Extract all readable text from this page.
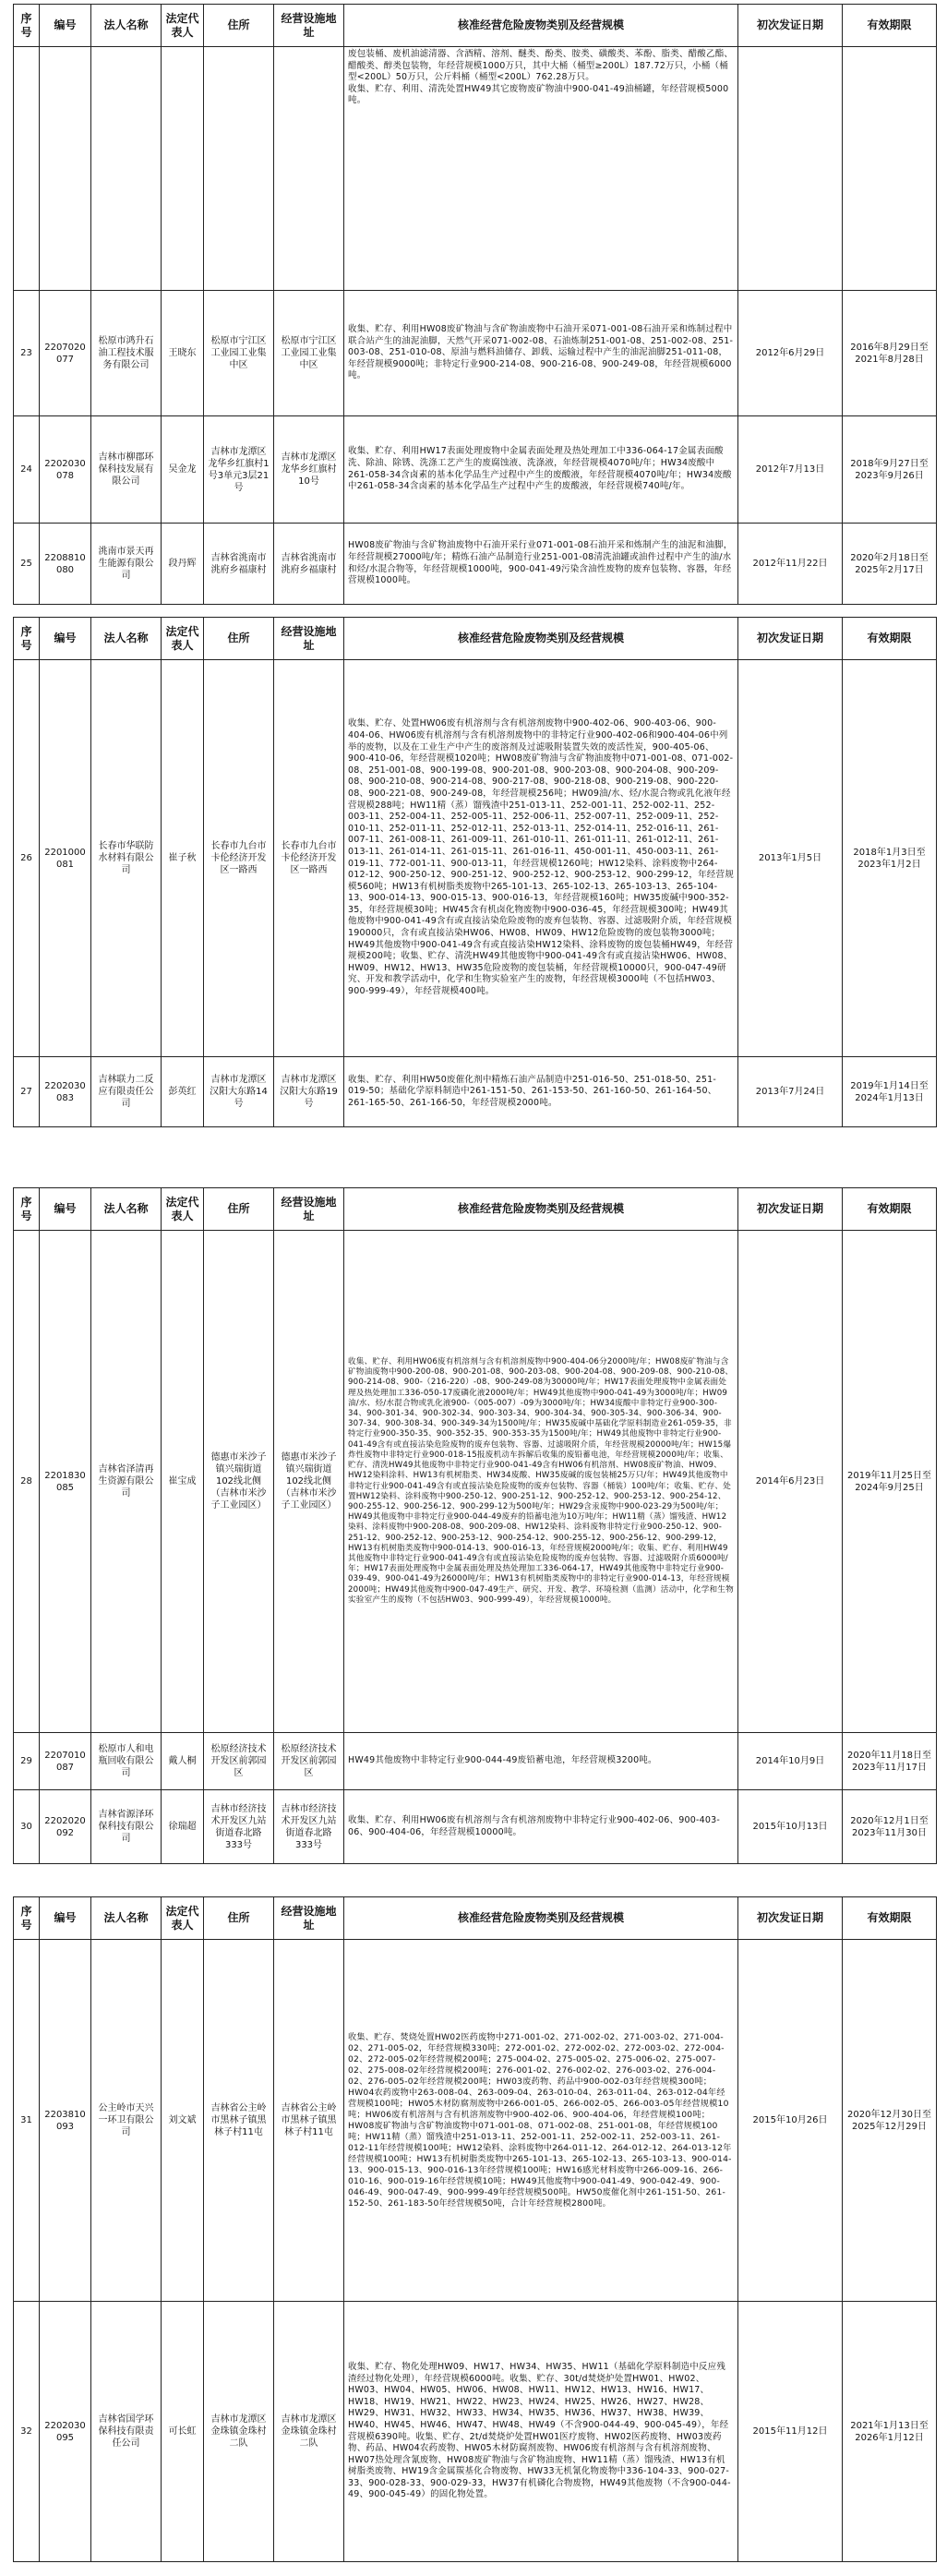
序号	编号	法人名称	法定代表人	住所	经营设施地址	核准经营危险废物类别及经营规模	初次发证日期	有效期限
						废包装桶、废机油滤清器、含酒精、溶剂、醚类、酚类、胺类、磺酸类、苯酚、脂类、醋酸乙酯、醋酸类、醇类包装物，年经营规模1000万只，其中大桶（桶型≥200L）187.72万只，小桶（桶型<200L）50万只，公斤料桶（桶型<200L）762.28万只。
收集、贮存、利用、清洗处置HW49其它废物废矿物油中900-041-49油桶罐，年经营规模5000吨。		
23	2207020077	松原市鸿升石油工程技术服务有限公司	王晓东	松原市宁江区工业园工业集中区	松原市宁江区工业园工业集中区	收集、贮存、利用HW08废矿物油与含矿物油废物中石油开采071-001-08石油开采和炼制过程中联合站产生的油泥油脚，天然气开采071-002-08、石油炼制251-001-08、251-002-08、251-003-08、251-010-08、原油与燃料油储存、卸载、运输过程中产生的油泥油脚251-011-08，年经营规模9000吨；非特定行业900-214-08、900-216-08、900-249-08，年经营规模6000吨。	2012年6月29日	2016年8月29日至2021年8月28日
24	2202030078	吉林市柳郡环保科技发展有限公司	吴金龙	吉林市龙潭区龙华乡红旗村1号3单元3层21号	吉林市龙潭区龙华乡红旗村10号	收集、贮存、利用HW17表面处理废物中金属表面处理及热处理加工中336-064-17金属表面酸洗、除油、除锈、洗涤工艺产生的废腐蚀液、洗涤液，年经营规模4070吨/年；HW34废酸中261-058-34含卤素的基本化学品生产过程中产生的废酸液，年经营规模4070吨/年；HW34废酸中261-058-34含卤素的基本化学品生产过程中产生的废酸液，年经营规模740吨/年。	2012年7月13日	2018年9月27日至2023年9月26日
25	2208810080	洮南市景天再生能源有限公司	段丹辉	吉林省洮南市洮府乡福康村	吉林省洮南市洮府乡福康村	HW08废矿物油与含矿物油废物中石油开采行业071-001-08石油开采和炼制产生的油泥和油脚，年经营规模27000吨/年；精炼石油产品制造行业251-001-08清洗油罐或油件过程中产生的油/水和烃/水混合物等，年经营规模1000吨，900-041-49污染含油性废物的废弃包装物、容器，年经营规模1000吨。	2012年11月22日	2020年2月18日至2025年2月17日
序号	编号	法人名称	法定代表人	住所	经营设施地址	核准经营危险废物类别及经营规模	初次发证日期	有效期限
26	2201000081	长春市华联防水材料有限公司	崔子秋	长春市九台市卡伦经济开发区一路西	长春市九台市卡伦经济开发区一路西	收集、贮存、处置HW06废有机溶剂与含有机溶剂废物中900-402-06、900-403-06、900-404-06、HW06废有机溶剂与含有机溶剂废物中的非特定行业900-402-06和900-404-06中列举的废物，以及在工业生产中产生的废溶剂及过滤吸附装置失效的废活性炭，900-405-06、900-410-06，年经营规模1020吨；HW08废矿物油与含矿物油废物中071-001-08、071-002-08、251-001-08、900-199-08、900-201-08、900-203-08、900-204-08、900-209-08、900-210-08、900-214-08、900-217-08、900-218-08、900-219-08、900-220-08、900-221-08、900-249-08，年经营规模256吨；HW09油/水、烃/水混合物或乳化液年经营规模288吨；HW11精（蒸）馏残渣中251-013-11、252-001-11、252-002-11、252-003-11、252-004-11、252-005-11、252-006-11、252-007-11、252-009-11、252-010-11、252-011-11、252-012-11、252-013-11、252-014-11、252-016-11、261-007-11、261-008-11、261-009-11、261-010-11、261-011-11、261-012-11、261-013-11、261-014-11、261-015-11、261-016-11、450-001-11、450-003-11、261-019-11、772-001-11、900-013-11，年经营规模1260吨；HW12染料、涂料废物中264-012-12、900-250-12、900-251-12、900-252-12、900-253-12、900-299-12，年经营规模560吨；HW13有机树脂类废物中265-101-13、265-102-13、265-103-13、265-104-13、900-014-13、900-015-13、900-016-13，年经营规模160吨；HW35废碱中900-352-35，年经营规模30吨；HW45含有机卤化物废物中900-036-45，年经营规模300吨；HW49其他废物中900-041-49含有或直接沾染危险废物的废弃包装物、容器、过滤吸附介质，年经营规模190000只，含有或直接沾染HW06、HW08、HW09、HW12危险废物的废包装物3000吨；HW49其他废物中900-041-49含有或直接沾染HW12染料、涂料废物的废包装桶HW49，年经营规模200吨；收集、贮存、清洗HW49其他废物中900-041-49含有或直接沾染HW06、HW08、HW09、HW12、HW13、HW35危险废物的废包装桶，年经营规模10000只，900-047-49研究、开发和教学活动中，化学和生物实验室产生的废物，年经营规模3000吨（不包括HW03、900-999-49），年经营规模400吨。	2013年1月5日	2018年1月3日至2023年1月2日
27	2202030083	吉林联力二反应有限责任公司	彭英红	吉林市龙潭区汉阳大东路14号	吉林市龙潭区汉阳大东路19号	收集、贮存、利用HW50废催化剂中精炼石油产品制造中251-016-50、251-018-50、251-019-50；基础化学原料制造中261-151-50、261-153-50、261-160-50、261-164-50、261-165-50、261-166-50，年经营规模2000吨。	2013年7月24日	2019年1月14日至2024年1月13日
序号	编号	法人名称	法定代表人	住所	经营设施地址	核准经营危险废物类别及经营规模	初次发证日期	有效期限
28	2201830085	吉林省泽清再生资源有限公司	崔宝成	德惠市米沙子镇兴瑞街道102线北侧（吉林市米沙子工业园区）	德惠市米沙子镇兴瑞街道102线北侧（吉林市米沙子工业园区）	收集、贮存、利用HW06废有机溶剂与含有机溶剂废物中900-404-06分2000吨/年；HW08废矿物油与含矿物油废物中900-200-08、900-201-08、900-203-08、900-204-08、900-209-08、900-210-08、900-214-08、900-（216-220）-08、900-249-08为30000吨/年；HW17表面处理废物中金属表面处理及热处理加工336-050-17废磷化液2000吨/年；HW49其他废物中900-041-49为3000吨/年；HW09油/水、烃/水混合物或乳化液900-（005-007）-09为3000吨/年；HW34废酸中非特定行业900-300-34、900-301-34、900-302-34、900-303-34、900-304-34、900-305-34、900-306-34、900-307-34、900-308-34、900-349-34为1500吨/年；HW35废碱中基础化学原料制造业261-059-35，非特定行业900-350-35、900-352-35、900-353-35为1500吨/年；HW49其他废物中非特定行业900-041-49含有或直接沾染危险废物的废弃包装物、容器、过滤吸附介质，年经营规模20000吨/年；HW15爆炸性废物中非特定行业900-018-15报废机动车拆解后收集的废铅蓄电池，年经营规模2000吨/年；收集、贮存、清洗HW49其他废物中非特定行业900-041-49含有HW06有机溶剂、HW08废矿物油、HW09、HW12染料涂料、HW13有机树脂类、HW34废酸、HW35废碱的废包装桶25万只/年；HW49其他废物中非特定行业900-041-49含有或直接沾染危险废物的废弃包装物、容器（桶装）100吨/年；收集、贮存、处置HW12染料、涂料废物中900-250-12、900-251-12、900-252-12、900-253-12、900-254-12、900-255-12、900-256-12、900-299-12为500吨/年；HW29含汞废物中900-023-29为500吨/年；HW49其他废物中非特定行业900-044-49废弃的铅蓄电池为10万吨/年；HW11精（蒸）馏残渣、HW12染料、涂料废物中900-208-08、900-209-08、HW12染料、涂料废物非特定行业900-250-12、900-251-12、900-252-12、900-253-12、900-254-12、900-255-12、900-256-12、900-299-12，HW13有机树脂类废物中900-014-13、900-016-13，年经营规模2000吨/年；收集、贮存、利用HW49其他废物中非特定行业900-041-49含有或直接沾染危险废物的废弃包装物、容器、过滤吸附介质6000吨/年；HW17表面处理废物中金属表面处理及热处理加工336-064-17，HW49其他废物中非特定行业900-039-49、900-041-49为26000吨/年；HW13有机树脂类废物中的非特定行业900-014-13，年经营规模2000吨；HW49其他废物中900-047-49生产、研究、开发、教学、环境检测（监测）活动中，化学和生物实验室产生的废物（不包括HW03、900-999-49），年经营规模1000吨。	2014年6月23日	2019年11月25日至2024年9月25日
29	2207010087	松原市人和电瓶回收有限公司	戴人桐	松原经济技术开发区前郭园区	松原经济技术开发区前郭园区	HW49其他废物中非特定行业900-044-49废铅蓄电池，年经营规模3200吨。	2014年10月9日	2020年11月18日至2023年11月17日
30	2202020092	吉林省源泽环保科技有限公司	徐瑞超	吉林市经济技术开发区九站街道春北路333号	吉林市经济技术开发区九站街道春北路333号	收集、贮存、利用HW06废有机溶剂与含有机溶剂废物中非特定行业900-402-06、900-403-06、900-404-06，年经营规模10000吨。	2015年10月13日	2020年12月1日至2023年11月30日
序号	编号	法人名称	法定代表人	住所	经营设施地址	核准经营危险废物类别及经营规模	初次发证日期	有效期限
31	2203810093	公主岭市天兴一环卫有限公司	刘文斌	吉林省公主岭市黑林子镇黑林子村11屯	吉林省公主岭市黑林子镇黑林子村11屯	收集、贮存、焚烧处置HW02医药废物中271-001-02、271-002-02、271-003-02、271-004-02、271-005-02，年经营规模330吨；272-001-02、272-002-02、272-003-02、272-004-02、272-005-02年经营规模200吨；275-004-02、275-005-02、275-006-02、275-007-02、275-008-02年经营规模200吨；276-001-02、276-002-02、276-003-02、276-004-02、276-005-02年经营规模200吨；HW03废药物、药品中900-002-03年经营规模300吨；HW04农药废物中263-008-04、263-009-04、263-010-04、263-011-04、263-012-04年经营规模100吨；HW05木材防腐剂废物中266-001-05、266-002-05、266-003-05年经营规模10吨；HW06废有机溶剂与含有机溶剂废物中900-402-06、900-404-06，年经营规模100吨；HW08废矿物油与含矿物油废物中071-001-08、071-002-08、251-001-08，年经营规模100吨；HW11精（蒸）馏残渣中251-013-11、252-001-11、252-002-11、252-003-11、261-012-11年经营规模100吨；HW12染料、涂料废物中264-011-12、264-012-12、264-013-12年经营规模100吨；HW13有机树脂类废物中265-101-13、265-102-13、265-103-13、900-014-13、900-015-13、900-016-13年经营规模100吨；HW16感光材料废物中266-009-16、266-010-16、900-019-16年经营规模10吨；HW49其他废物中900-041-49、900-042-49、900-046-49、900-047-49、900-999-49年经营规模500吨。HW50废催化剂中261-151-50、261-152-50、261-183-50年经营规模50吨，合计年经营规模2800吨。	2015年10月26日	2020年12月30日至2025年12月29日
32	2202030095	吉林省国学环保科技有限责任公司	可长虹	吉林市龙潭区金珠镇金珠村二队	吉林市龙潭区金珠镇金珠村二队	收集、贮存、物化处理HW09、HW17、HW34、HW35、HW11（基础化学原料制造中反应残渣经过物化处理），年经营规模6000吨。收集、贮存、30t/d焚烧炉处置HW01、HW02、HW03、HW04、HW05、HW06、HW08、HW11、HW12、HW13、HW16、HW17、HW18、HW19、HW21、HW22、HW23、HW24、HW25、HW26、HW27、HW28、HW29、HW31、HW32、HW33、HW34、HW35、HW36、HW37、HW38、HW39、HW40、HW45、HW46、HW47、HW48、HW49（不含900-044-49、900-045-49），年经营规模6390吨。收集、贮存、2t/d焚烧炉处置HW01医疗废物、HW02医药废物、HW03废药物、药品、HW04农药废物、HW05木材防腐剂废物、HW06废有机溶剂与含有机溶剂废物、HW07热处理含氰废物、HW08废矿物油与含矿物油废物、HW11精（蒸）馏残渣、HW13有机树脂类废物、HW19含金属羰基化合物废物、HW33无机氰化物废物中336-104-33、900-027-33、900-028-33、900-029-33，HW37有机磷化合物废物，HW49其他废物（不含900-044-49、900-045-49）的固化物处置。	2015年11月12日	2021年1月13日至2026年1月12日
